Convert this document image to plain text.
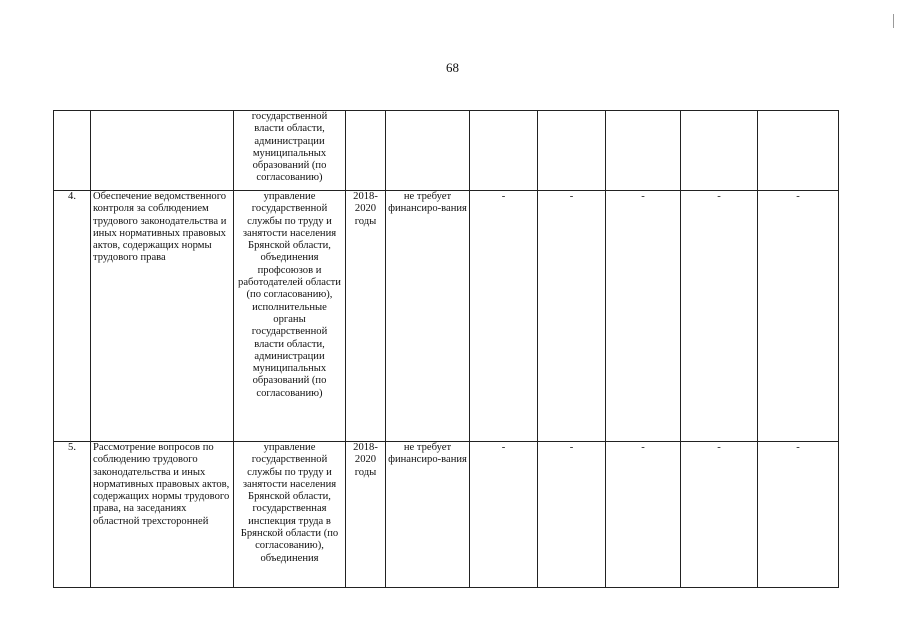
68
		государственной власти области, администрации муниципальных образований (по согласованию)							
4.	Обеспечение ведомственного контроля за соблюдением трудового законодательства и иных нормативных правовых актов, содержащих нормы трудового права	управление государственной службы по труду и занятости населения Брянской области, объединения профсоюзов и работодателей области (по согласованию), исполнительные органы государственной власти области, администрации муниципальных образований (по согласованию)	2018-2020 годы	не требует финансиро-вания	-	-	-	-	-
5.	Рассмотрение вопросов по соблюдению трудового законодательства и иных нормативных правовых актов, содержащих нормы трудового права, на заседаниях областной трехсторонней	управление государственной службы по труду и занятости населения Брянской области, государственная инспекция труда в Брянской области (по согласованию), объединения	2018-2020 годы	не требует финансиро-вания	-	-	-	-	-
